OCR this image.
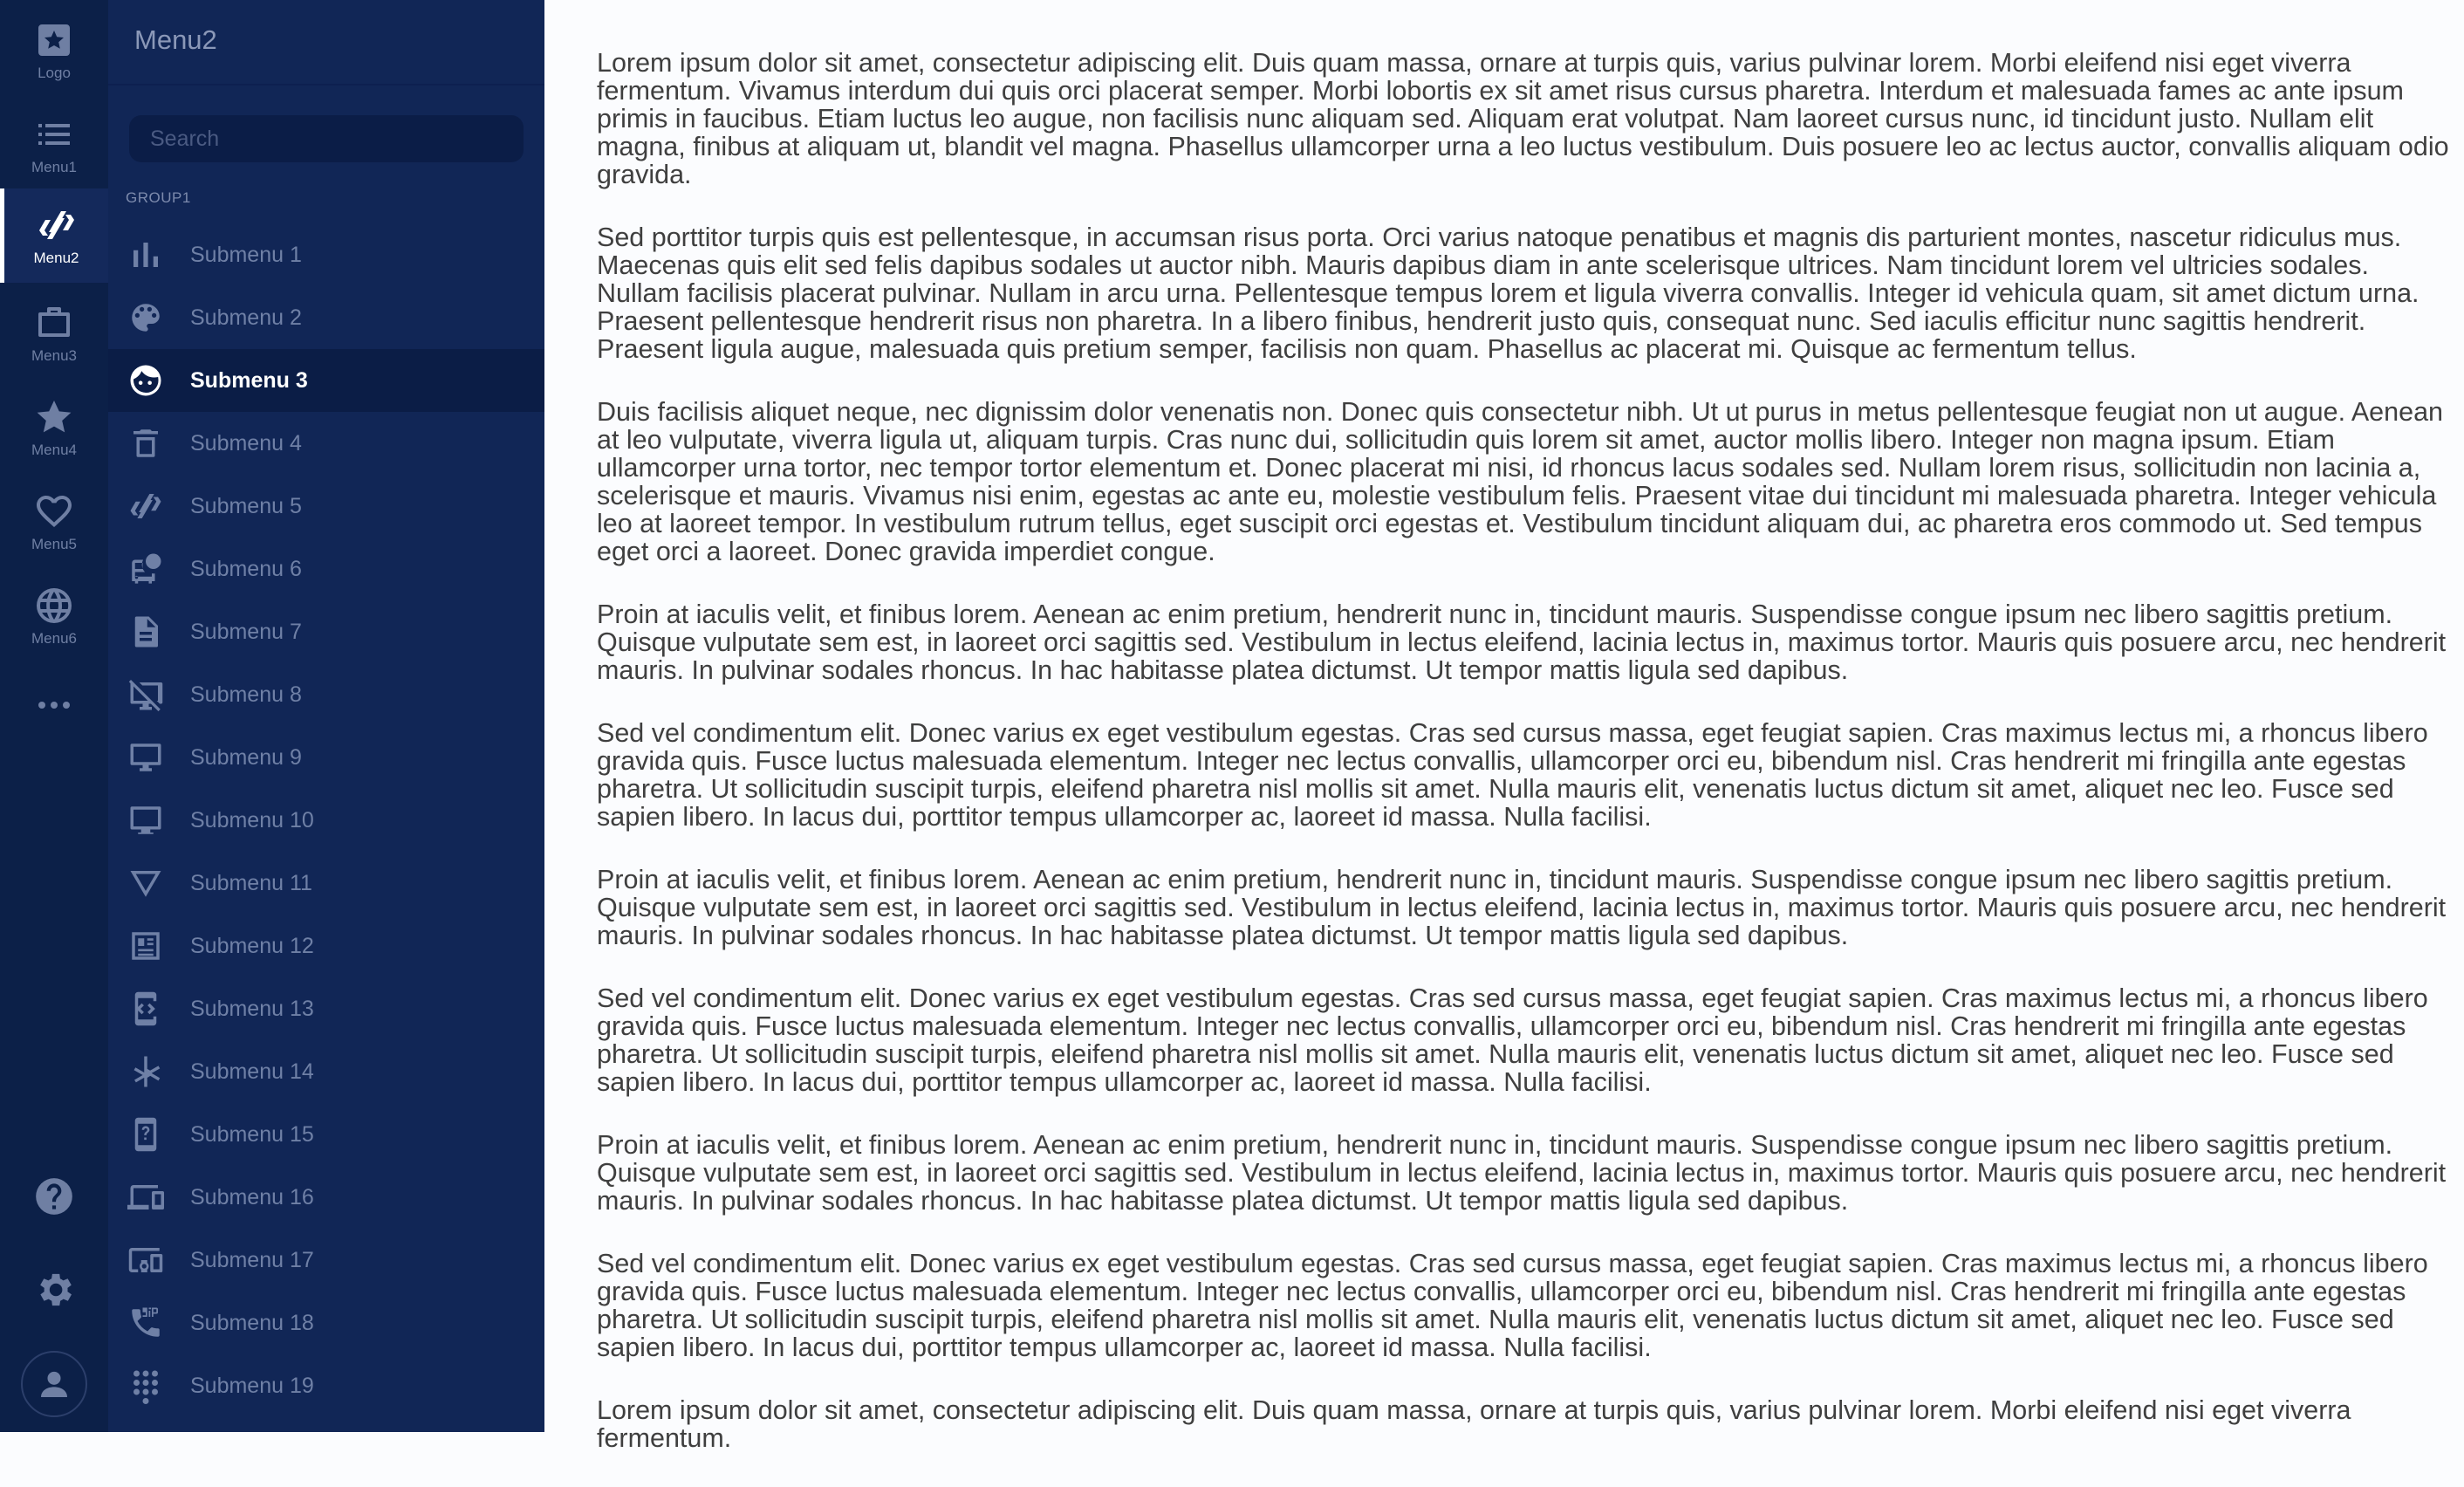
Logo
Menu1
Menu2
Menu3
Menu4
Menu5
Menu6
Menu2
Search
GROUP1
Submenu 1
Submenu 2
Submenu 3
Submenu 4
Submenu 5
Submenu 6
Submenu 7
Submenu 8
Submenu 9
Submenu 10
Submenu 11
Submenu 12
Submenu 13
Submenu 14
Submenu 15
Submenu 16
Submenu 17
Submenu 18
Submenu 19

Lorem ipsum dolor sit amet, consectetur adipiscing elit. Duis quam massa, ornare at turpis quis, varius pulvinar lorem. Morbi eleifend nisi eget viverra fermentum. Vivamus interdum dui quis orci placerat semper. Morbi lobortis ex sit amet risus cursus pharetra. Interdum et malesuada fames ac ante ipsum primis in faucibus. Etiam luctus leo augue, non facilisis nunc aliquam sed. Aliquam erat volutpat. Nam laoreet cursus nunc, id tincidunt justo. Nullam elit magna, finibus at aliquam ut, blandit vel magna. Phasellus ullamcorper urna a leo luctus vestibulum. Duis posuere leo ac lectus auctor, convallis aliquam odio gravida.

Sed porttitor turpis quis est pellentesque, in accumsan risus porta. Orci varius natoque penatibus et magnis dis parturient montes, nascetur ridiculus mus. Maecenas quis elit sed felis dapibus sodales ut auctor nibh. Mauris dapibus diam in ante scelerisque ultrices. Nam tincidunt lorem vel ultricies sodales. Nullam facilisis placerat pulvinar. Nullam in arcu urna. Pellentesque tempus lorem et ligula viverra convallis. Integer id vehicula quam, sit amet dictum urna. Praesent pellentesque hendrerit risus non pharetra. In a libero finibus, hendrerit justo quis, consequat nunc. Sed iaculis efficitur nunc sagittis hendrerit. Praesent ligula augue, malesuada quis pretium semper, facilisis non quam. Phasellus ac placerat mi. Quisque ac fermentum tellus.

Duis facilisis aliquet neque, nec dignissim dolor venenatis non. Donec quis consectetur nibh. Ut ut purus in metus pellentesque feugiat non ut augue. Aenean at leo vulputate, viverra ligula ut, aliquam turpis. Cras nunc dui, sollicitudin quis lorem sit amet, auctor mollis libero. Integer non magna ipsum. Etiam ullamcorper urna tortor, nec tempor tortor elementum et. Donec placerat mi nisi, id rhoncus lacus sodales sed. Nullam lorem risus, sollicitudin non lacinia a, scelerisque et mauris. Vivamus nisi enim, egestas ac ante eu, molestie vestibulum felis. Praesent vitae dui tincidunt mi malesuada pharetra. Integer vehicula leo at laoreet tempor. In vestibulum rutrum tellus, eget suscipit orci egestas et. Vestibulum tincidunt aliquam dui, ac pharetra eros commodo ut. Sed tempus eget orci a laoreet. Donec gravida imperdiet congue.

Proin at iaculis velit, et finibus lorem. Aenean ac enim pretium, hendrerit nunc in, tincidunt mauris. Suspendisse congue ipsum nec libero sagittis pretium. Quisque vulputate sem est, in laoreet orci sagittis sed. Vestibulum in lectus eleifend, lacinia lectus in, maximus tortor. Mauris quis posuere arcu, nec hendrerit mauris. In pulvinar sodales rhoncus. In hac habitasse platea dictumst. Ut tempor mattis ligula sed dapibus.

Sed vel condimentum elit. Donec varius ex eget vestibulum egestas. Cras sed cursus massa, eget feugiat sapien. Cras maximus lectus mi, a rhoncus libero gravida quis. Fusce luctus malesuada elementum. Integer nec lectus convallis, ullamcorper orci eu, bibendum nisl. Cras hendrerit mi fringilla ante egestas pharetra. Ut sollicitudin suscipit turpis, eleifend pharetra nisl mollis sit amet. Nulla mauris elit, venenatis luctus dictum sit amet, aliquet nec leo. Fusce sed sapien libero. In lacus dui, porttitor tempus ullamcorper ac, laoreet id massa. Nulla facilisi.

Proin at iaculis velit, et finibus lorem. Aenean ac enim pretium, hendrerit nunc in, tincidunt mauris. Suspendisse congue ipsum nec libero sagittis pretium. Quisque vulputate sem est, in laoreet orci sagittis sed. Vestibulum in lectus eleifend, lacinia lectus in, maximus tortor. Mauris quis posuere arcu, nec hendrerit mauris. In pulvinar sodales rhoncus. In hac habitasse platea dictumst. Ut tempor mattis ligula sed dapibus.

Sed vel condimentum elit. Donec varius ex eget vestibulum egestas. Cras sed cursus massa, eget feugiat sapien. Cras maximus lectus mi, a rhoncus libero gravida quis. Fusce luctus malesuada elementum. Integer nec lectus convallis, ullamcorper orci eu, bibendum nisl. Cras hendrerit mi fringilla ante egestas pharetra. Ut sollicitudin suscipit turpis, eleifend pharetra nisl mollis sit amet. Nulla mauris elit, venenatis luctus dictum sit amet, aliquet nec leo. Fusce sed sapien libero. In lacus dui, porttitor tempus ullamcorper ac, laoreet id massa. Nulla facilisi.

Proin at iaculis velit, et finibus lorem. Aenean ac enim pretium, hendrerit nunc in, tincidunt mauris. Suspendisse congue ipsum nec libero sagittis pretium. Quisque vulputate sem est, in laoreet orci sagittis sed. Vestibulum in lectus eleifend, lacinia lectus in, maximus tortor. Mauris quis posuere arcu, nec hendrerit mauris. In pulvinar sodales rhoncus. In hac habitasse platea dictumst. Ut tempor mattis ligula sed dapibus.

Sed vel condimentum elit. Donec varius ex eget vestibulum egestas. Cras sed cursus massa, eget feugiat sapien. Cras maximus lectus mi, a rhoncus libero gravida quis. Fusce luctus malesuada elementum. Integer nec lectus convallis, ullamcorper orci eu, bibendum nisl. Cras hendrerit mi fringilla ante egestas pharetra. Ut sollicitudin suscipit turpis, eleifend pharetra nisl mollis sit amet. Nulla mauris elit, venenatis luctus dictum sit amet, aliquet nec leo. Fusce sed sapien libero. In lacus dui, porttitor tempus ullamcorper ac, laoreet id massa. Nulla facilisi.

Lorem ipsum dolor sit amet, consectetur adipiscing elit. Duis quam massa, ornare at turpis quis, varius pulvinar lorem. Morbi eleifend nisi eget viverra fermentum.
